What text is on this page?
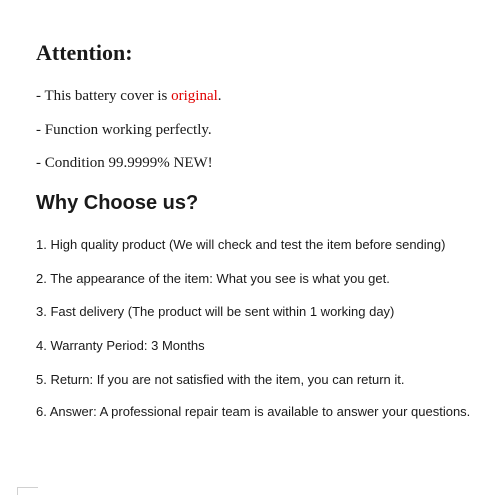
Attention:

- This battery cover is original.

- Function working perfectly.

- Condition 99.9999% NEW!

Why Choose us?

1. High quality product (We will check and test the item before sending)

2. The appearance of the item: What you see is what you get.

3. Fast delivery (The product will be sent within 1 working day)

4. Warranty Period: 3 Months

5. Return: If you are not satisfied with the item, you can return it.

6. Answer: A professional repair team is available to answer your questions.
